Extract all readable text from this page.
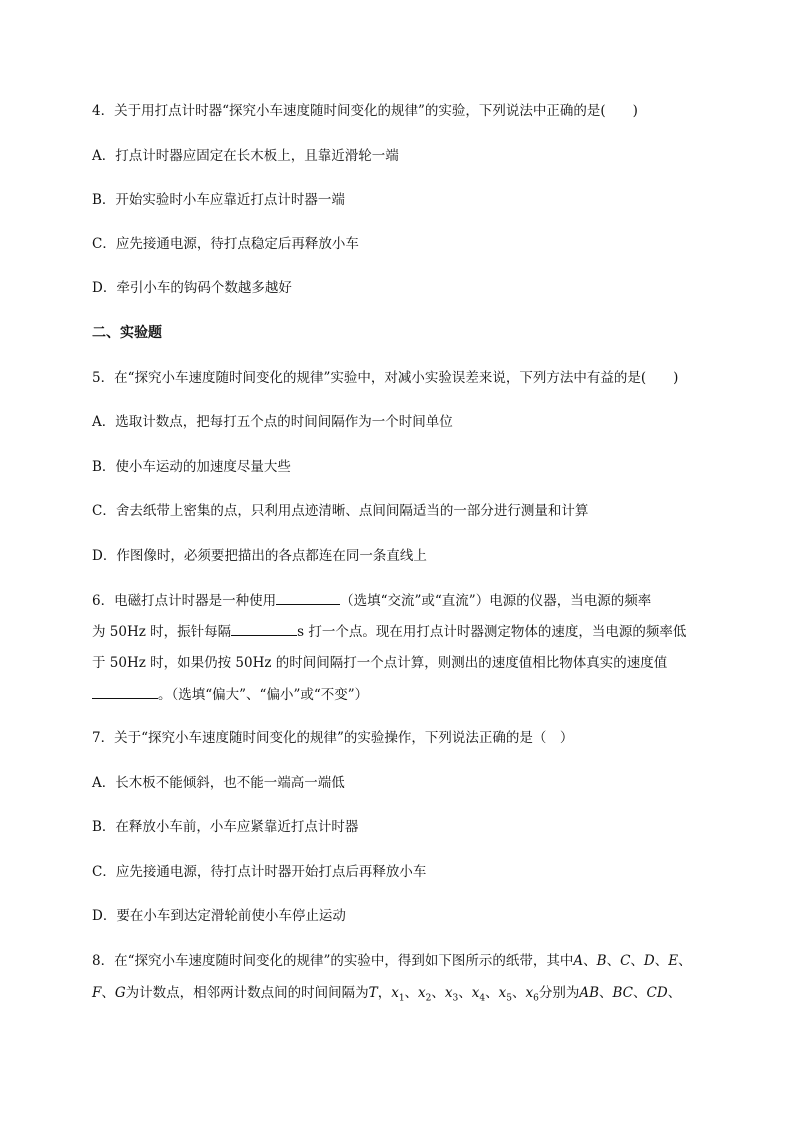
4．关于用打点计时器“探究小车速度随时间变化的规律”的实验，下列说法中正确的是(　　)
A．打点计时器应固定在长木板上，且靠近滑轮一端
B．开始实验时小车应靠近打点计时器一端
C．应先接通电源，待打点稳定后再释放小车
D．牵引小车的钩码个数越多越好
二、实验题
5．在“探究小车速度随时间变化的规律”实验中，对减小实验误差来说，下列方法中有益的是(　　)
A．选取计数点，把每打五个点的时间间隔作为一个时间单位
B．使小车运动的加速度尽量大些
C．舍去纸带上密集的点，只利用点迹清晰、点间间隔适当的一部分进行测量和计算
D．作图像时，必须要把描出的各点都连在同一条直线上
6．电磁打点计时器是一种使用	（选填“交流”或“直流”）电源的仪器，当电源的频率
为 50Hz 时，振针每隔	s 打一个点。现在用打点计时器测定物体的速度，当电源的频率低
于 50Hz 时，如果仍按 50Hz 的时间间隔打一个点计算，则测出的速度值相比物体真实的速度值
。（选填“偏大”、“偏小”或“不变”）
7．关于“探究小车速度随时间变化的规律”的实验操作，下列说法正确的是（　）
A．长木板不能倾斜，也不能一端高一端低
B．在释放小车前，小车应紧靠近打点计时器
C．应先接通电源，待打点计时器开始打点后再释放小车
D．要在小车到达定滑轮前使小车停止运动
8．在“探究小车速度随时间变化的规律”的实验中，得到如下图所示的纸带，其中A、B、C、D、E、
F、G为计数点，相邻两计数点间的时间间隔为T，$x_1$、$x_2$、$x_3$、$x_4$、$x_5$、$x_6$分别为AB、BC、CD、
